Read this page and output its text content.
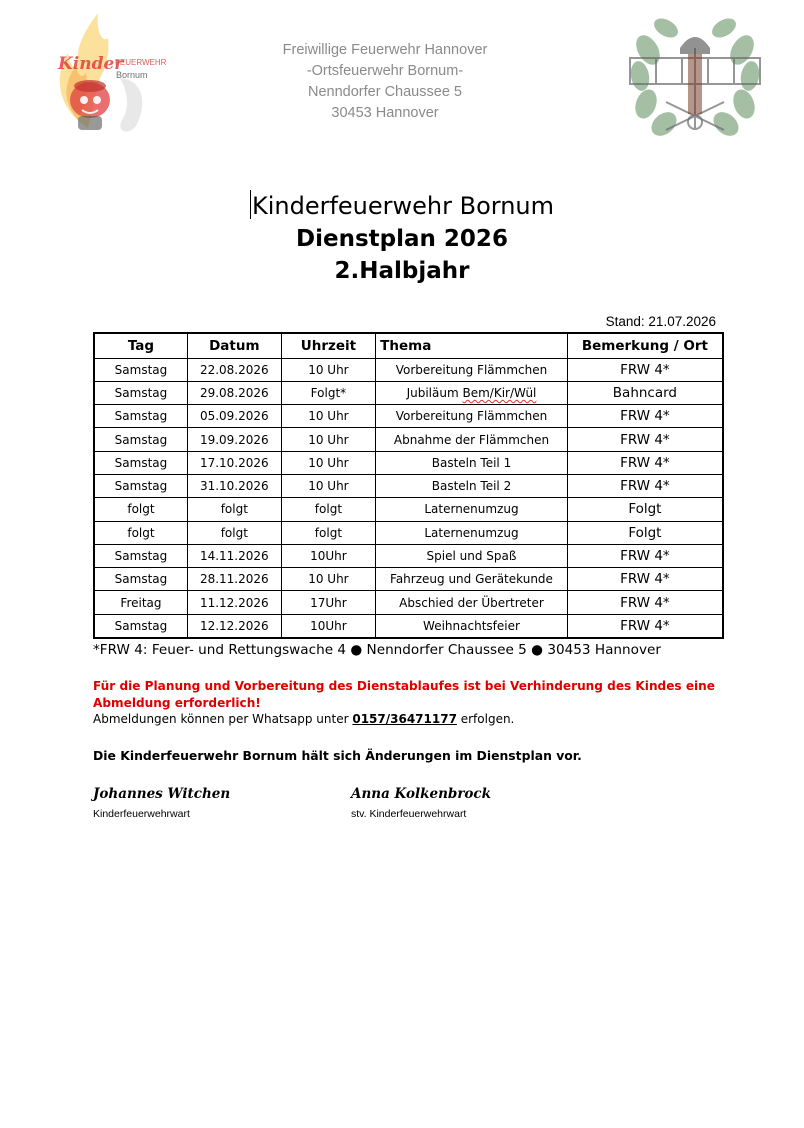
Kinder
FEUERWEHR
Bornum
Freiwillige Feuerwehr Hannover
-Ortsfeuerwehr Bornum-
Nenndorfer Chaussee 5
30453 Hannover
Kinderfeuerwehr Bornum
Dienstplan 2026
2.Halbjahr
Stand: 21.07.2026
Tag	Datum	Uhrzeit	Thema	Bemerkung / Ort
Samstag	22.08.2026	10 Uhr	Vorbereitung Flämmchen	FRW 4*
Samstag	29.08.2026	Folgt*	Jubiläum Bem/Kir/Wül	Bahncard
Samstag	05.09.2026	10 Uhr	Vorbereitung Flämmchen	FRW 4*
Samstag	19.09.2026	10 Uhr	Abnahme der Flämmchen	FRW 4*
Samstag	17.10.2026	10 Uhr	Basteln Teil 1	FRW 4*
Samstag	31.10.2026	10 Uhr	Basteln Teil 2	FRW 4*
folgt	folgt	folgt	Laternenumzug	Folgt
folgt	folgt	folgt	Laternenumzug	Folgt
Samstag	14.11.2026	10Uhr	Spiel und Spaß	FRW 4*
Samstag	28.11.2026	10 Uhr	Fahrzeug und Gerätekunde	FRW 4*
Freitag	11.12.2026	17Uhr	Abschied der Übertreter	FRW 4*
Samstag	12.12.2026	10Uhr	Weihnachtsfeier	FRW 4*
*FRW 4: Feuer- und Rettungswache 4 ● Nenndorfer Chaussee 5 ● 30453 Hannover
Für die Planung und Vorbereitung des Dienstablaufes ist bei Verhinderung des Kindes eine Abmeldung erforderlich!
Abmeldungen können per Whatsapp unter 0157/36471177 erfolgen.
Die Kinderfeuerwehr Bornum hält sich Änderungen im Dienstplan vor.
Johannes Witchen
Kinderfeuerwehrwart
Anna Kolkenbrock
stv. Kinderfeuerwehrwart
